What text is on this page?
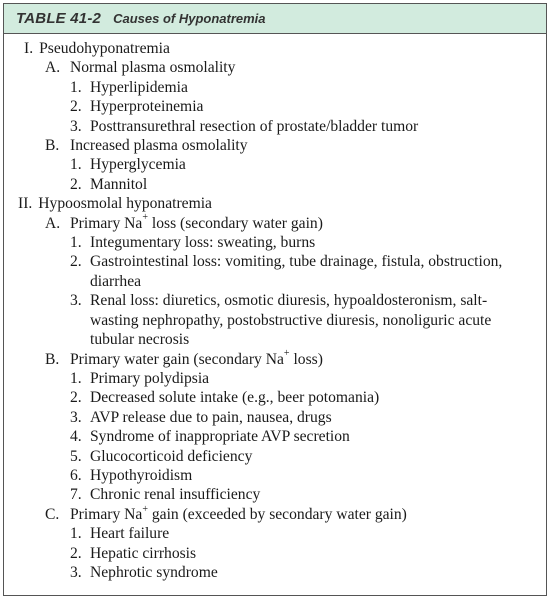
TABLE 41-2 Causes of Hyponatremia
I. Pseudohyponatremia
A. Normal plasma osmolality
1. Hyperlipidemia
2. Hyperproteinemia
3. Posttransurethral resection of prostate/bladder tumor
B. Increased plasma osmolality
1. Hyperglycemia
2. Mannitol
II. Hypoosmolal hyponatremia
A. Primary Na+ loss (secondary water gain)
1. Integumentary loss: sweating, burns
2. Gastrointestinal loss: vomiting, tube drainage, fistula, obstruction, diarrhea
3. Renal loss: diuretics, osmotic diuresis, hypoaldosteronism, salt-wasting nephropathy, postobstructive diuresis, nonoliguric acute tubular necrosis
B. Primary water gain (secondary Na+ loss)
1. Primary polydipsia
2. Decreased solute intake (e.g., beer potomania)
3. AVP release due to pain, nausea, drugs
4. Syndrome of inappropriate AVP secretion
5. Glucocorticoid deficiency
6. Hypothyroidism
7. Chronic renal insufficiency
C. Primary Na+ gain (exceeded by secondary water gain)
1. Heart failure
2. Hepatic cirrhosis
3. Nephrotic syndrome
